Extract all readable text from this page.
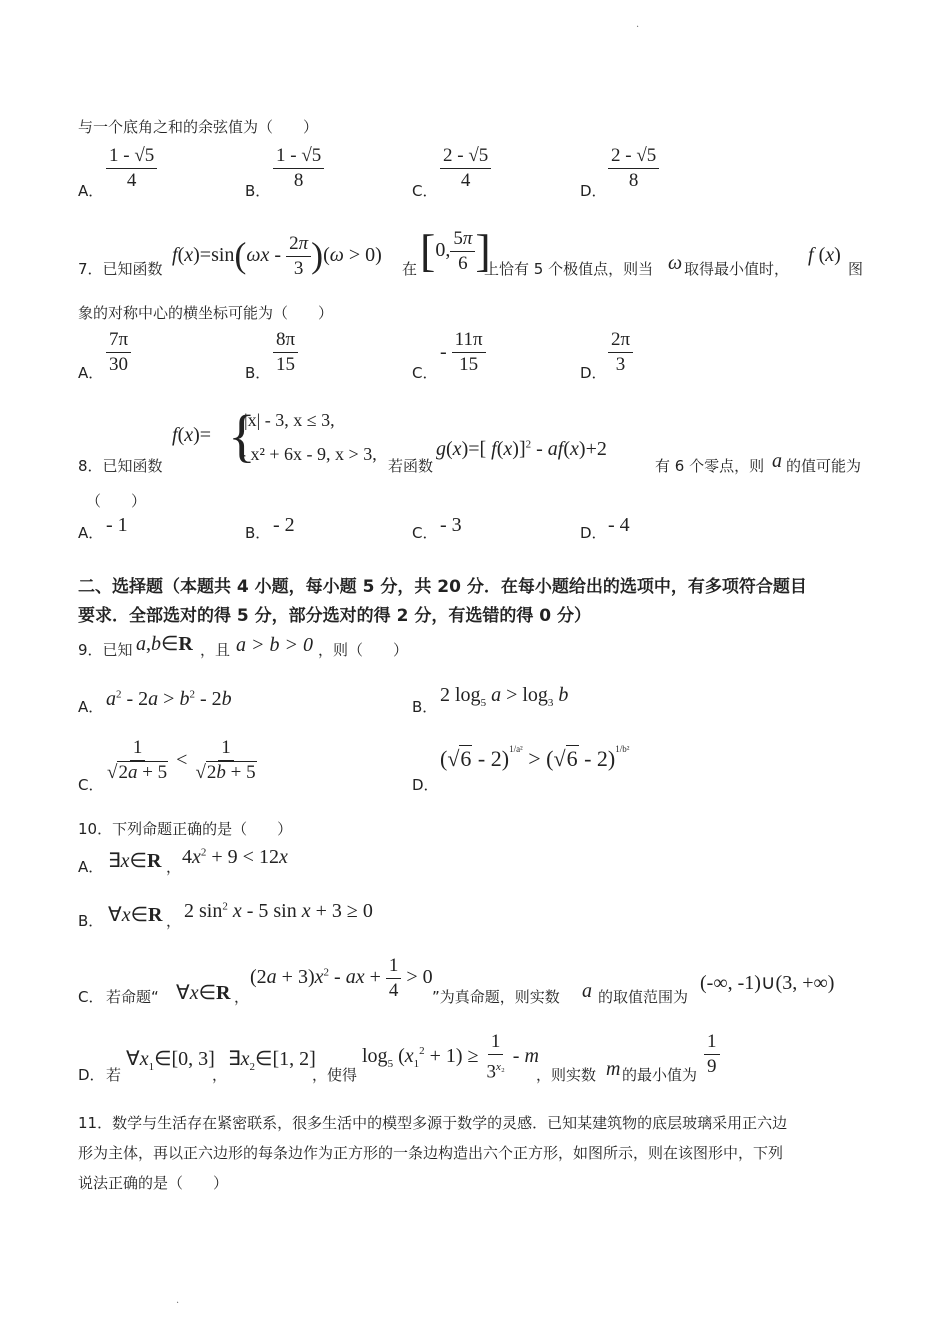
·
·
与一个底角之和的余弦值为（　　）
A． $\frac{1 - √5}{4}$	B． $\frac{1 - √5}{8}$	C． $\frac{2 - √5}{4}$	D． $\frac{2 - √5}{8}$
7．已知函数
$f(x)=\sin(\omega x - \frac{2\pi}{3} )(\omega > 0)$
在 [0, $\frac{5\pi}{6}$ ]
上恰有 5 个极值点，则当 ω 取得最小值时，
f (x)
图
象的对称中心的横坐标可能为（　　）
A． $\frac{7\pi}{30}$	B． $\frac{8\pi}{15}$	C．
- $\frac{11\pi}{15}$	D． $\frac{2\pi}{3}$
8．已知函数
f(x)= {
|x| - 3, x ≤ 3,
- x² + 6x - 9, x > 3,
若函数
g(x)=[ f(x)]$^2$ - af(x)+2
有 6 个零点，则 a 的值可能为
（　　）
A． - 1	B． - 2	C． - 3	D． - 4
二、选择题（本题共 4 小题，每小题 5 分，共 20 分．在每小题给出的选项中，有多项符合题目
要求．全部选对的得 5 分，部分选对的得 2 分，有选错的得 0 分）
9．已知 a,b∈R ，且 a > b > 0 ，则（　　）
A． $a^2 - 2a > b^2 - 2b$	B．
2 $\log_5 a > \log_3 b$
C． $\frac{1}{√2a + 5} < \frac{1}{√2b + 5}$	D．
(√6 - 2)$^{1/a^2}$ > (√6 - 2)$^{1/b^2}$
10．下列命题正确的是（　　）
A． ∃x∈R ， $4x^2 + 9 < 12x$
B． ∀x∈R ， 2 $\sin^2 x - 5$ sin x + 3 ≥ 0
C． 若命题“ ∀x∈R ，
$(2a + 3)x^2$ - ax + $\frac{1}{4} > 0$
”为真命题，则实数 a 的取值范围为
(-∞, -1)∪(3, +∞)
D． 若
$\forall x_1\in[0$, 3]
，
$\exists x_2\in[1$, 2]
，使得
$\log_5 (x_1^2 + 1) \ge \frac{1}{3^{x_2}} - m$
，则实数 m 的最小值为 $\frac{1}{9}$
11．数学与生活存在紧密联系，很多生活中的模型多源于数学的灵感．已知某建筑物的底层玻璃采用正六边
形为主体，再以正六边形的每条边作为正方形的一条边构造出六个正方形，如图所示，则在该图形中，下列
说法正确的是（　　）
